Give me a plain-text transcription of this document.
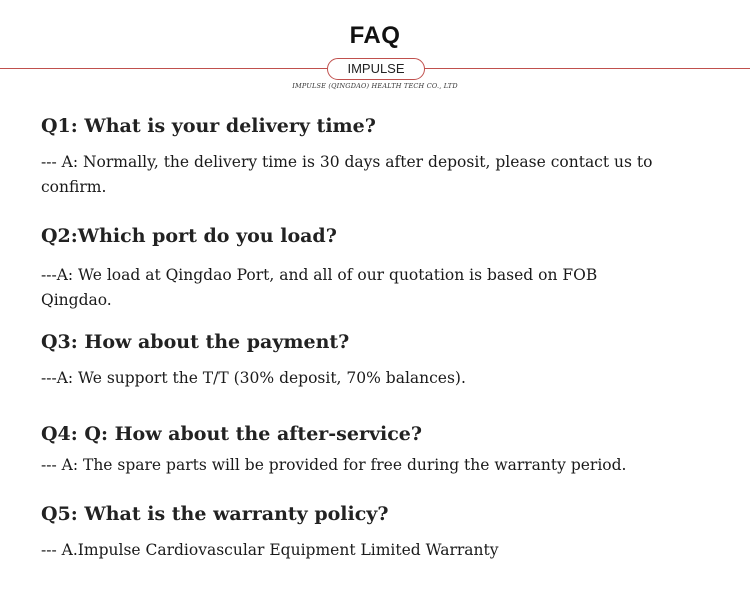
FAQ
IMPULSE
IMPULSE (QINGDAO) HEALTH TECH CO., LTD
Q1: What is your delivery time?

--- A: Normally, the delivery time is 30 days after deposit, please contact us to confirm.

Q2:Which port do you load?

---A: We load at Qingdao Port, and all of our quotation is based on FOB Qingdao.

Q3: How about the payment?

---A: We support the T/T (30% deposit, 70% balances).

Q4: Q: How about the after-service?

--- A: The spare parts will be provided for free during the warranty period.

Q5: What is the warranty policy?

--- A.Impulse Cardiovascular Equipment Limited Warranty
